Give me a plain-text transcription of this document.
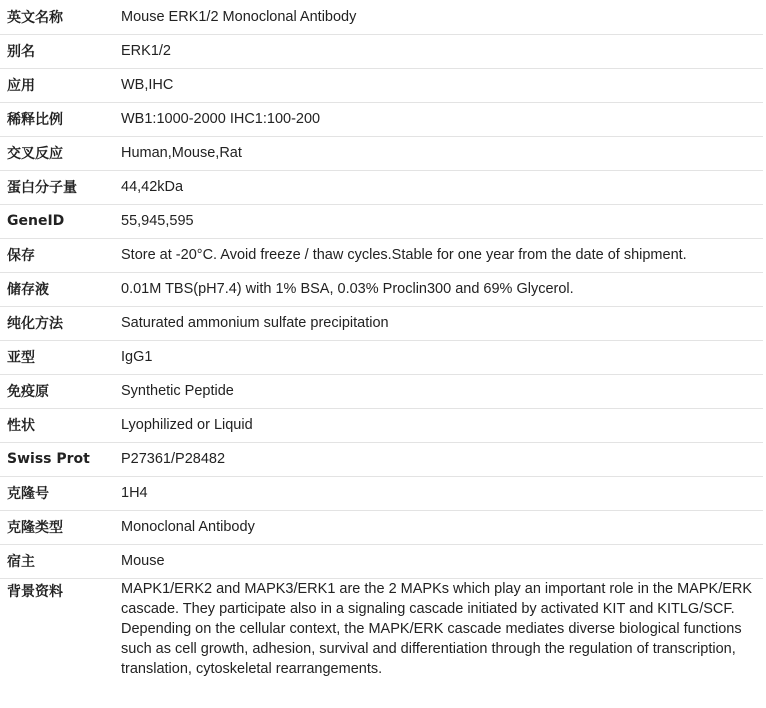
英文名称	Mouse ERK1/2 Monoclonal Antibody
别名	ERK1/2
应用	WB,IHC
稀释比例	WB1:1000-2000 IHC1:100-200
交叉反应	Human,Mouse,Rat
蛋白分子量	44,42kDa
GeneID	55,945,595
保存	Store at -20°C. Avoid freeze / thaw cycles.Stable for one year from the date of shipment.
储存液	0.01M TBS(pH7.4) with 1% BSA, 0.03% Proclin300 and 69% Glycerol.
纯化方法	Saturated ammonium sulfate precipitation
亚型	IgG1
免疫原	Synthetic Peptide
性状	Lyophilized or Liquid
Swiss Prot	P27361/P28482
克隆号	1H4
克隆类型	Monoclonal Antibody
宿主	Mouse
背景资料	MAPK1/ERK2 and MAPK3/ERK1 are the 2 MAPKs which play an important role in the MAPK/ERK cascade. They participate also in a signaling cascade initiated by activated KIT and KITLG/SCF. Depending on the cellular context, the MAPK/ERK cascade mediates diverse biological functions such as cell growth, adhesion, survival and differentiation through the regulation of transcription, translation, cytoskeletal rearrangements.
